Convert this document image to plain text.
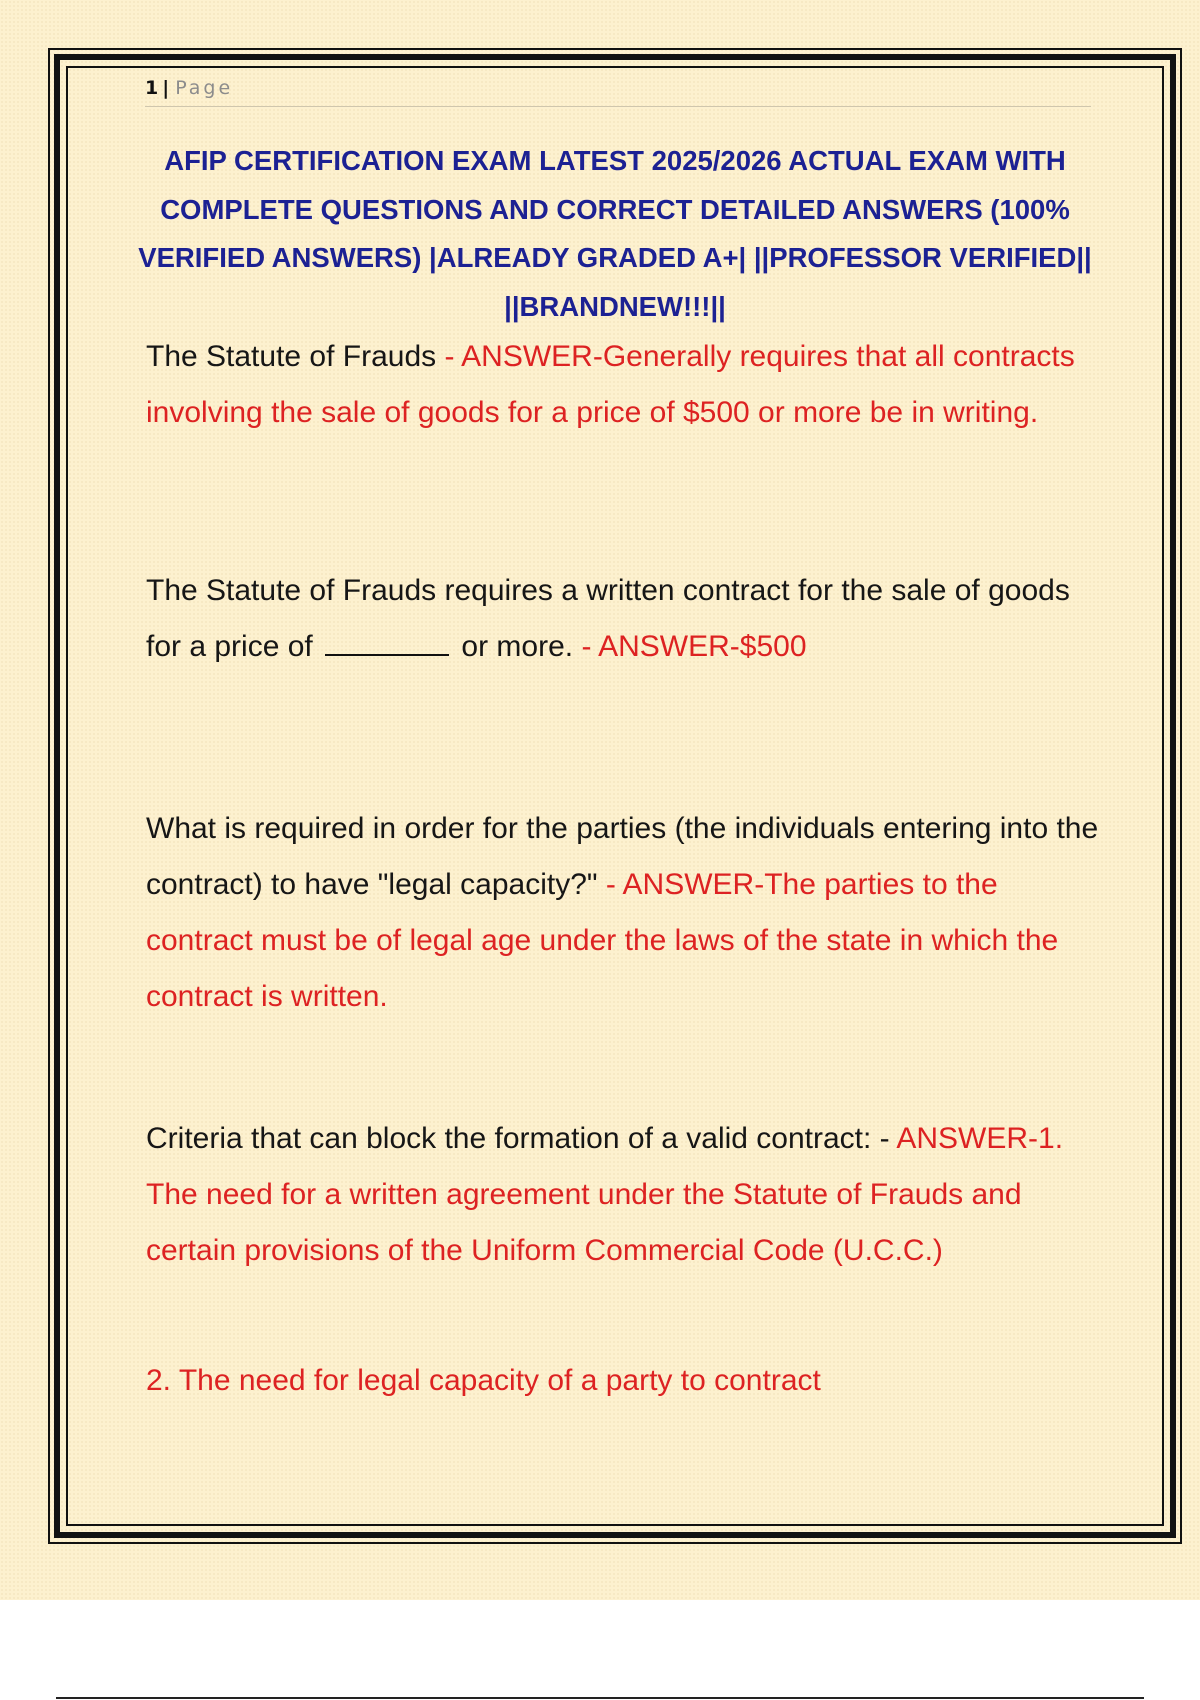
1 | Page
AFIP CERTIFICATION EXAM LATEST 2025/2026 ACTUAL EXAM WITH COMPLETE QUESTIONS AND CORRECT DETAILED ANSWERS (100% VERIFIED ANSWERS) |ALREADY GRADED A+| ||PROFESSOR VERIFIED|| ||BRANDNEW!!!||
The Statute of Frauds - ANSWER-Generally requires that all contracts involving the sale of goods for a price of $500 or more be in writing.
The Statute of Frauds requires a written contract for the sale of goods for a price of	or more. - ANSWER-$500
What is required in order for the parties (the individuals entering into the contract) to have "legal capacity?" - ANSWER-The parties to the contract must be of legal age under the laws of the state in which the contract is written.
Criteria that can block the formation of a valid contract: - ANSWER-1. The need for a written agreement under the Statute of Frauds and certain provisions of the Uniform Commercial Code (U.C.C.)
2. The need for legal capacity of a party to contract
